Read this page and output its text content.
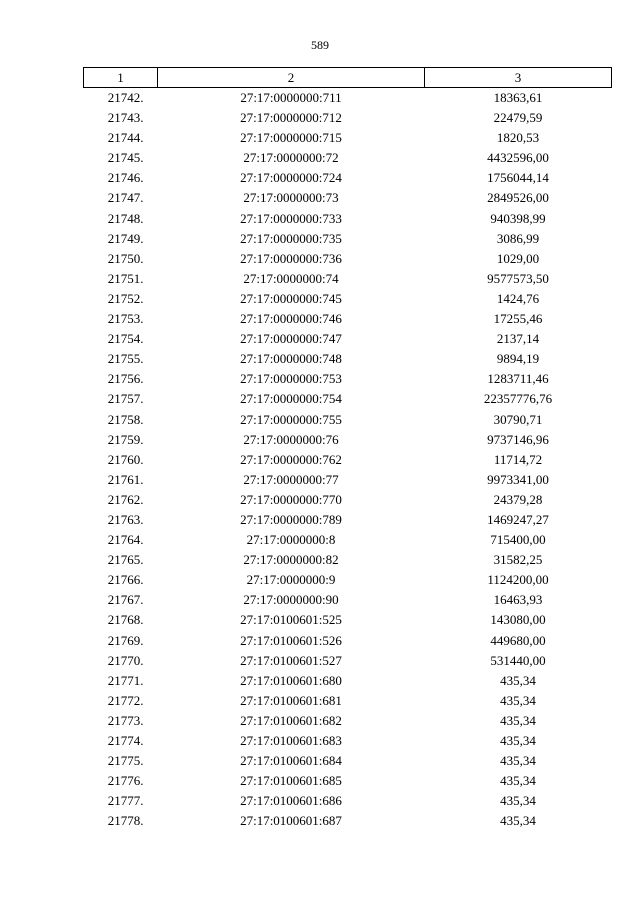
589
1	2	3
21742.	27:17:0000000:711	18363,61
21743.	27:17:0000000:712	22479,59
21744.	27:17:0000000:715	1820,53
21745.	27:17:0000000:72	4432596,00
21746.	27:17:0000000:724	1756044,14
21747.	27:17:0000000:73	2849526,00
21748.	27:17:0000000:733	940398,99
21749.	27:17:0000000:735	3086,99
21750.	27:17:0000000:736	1029,00
21751.	27:17:0000000:74	9577573,50
21752.	27:17:0000000:745	1424,76
21753.	27:17:0000000:746	17255,46
21754.	27:17:0000000:747	2137,14
21755.	27:17:0000000:748	9894,19
21756.	27:17:0000000:753	1283711,46
21757.	27:17:0000000:754	22357776,76
21758.	27:17:0000000:755	30790,71
21759.	27:17:0000000:76	9737146,96
21760.	27:17:0000000:762	11714,72
21761.	27:17:0000000:77	9973341,00
21762.	27:17:0000000:770	24379,28
21763.	27:17:0000000:789	1469247,27
21764.	27:17:0000000:8	715400,00
21765.	27:17:0000000:82	31582,25
21766.	27:17:0000000:9	1124200,00
21767.	27:17:0000000:90	16463,93
21768.	27:17:0100601:525	143080,00
21769.	27:17:0100601:526	449680,00
21770.	27:17:0100601:527	531440,00
21771.	27:17:0100601:680	435,34
21772.	27:17:0100601:681	435,34
21773.	27:17:0100601:682	435,34
21774.	27:17:0100601:683	435,34
21775.	27:17:0100601:684	435,34
21776.	27:17:0100601:685	435,34
21777.	27:17:0100601:686	435,34
21778.	27:17:0100601:687	435,34
